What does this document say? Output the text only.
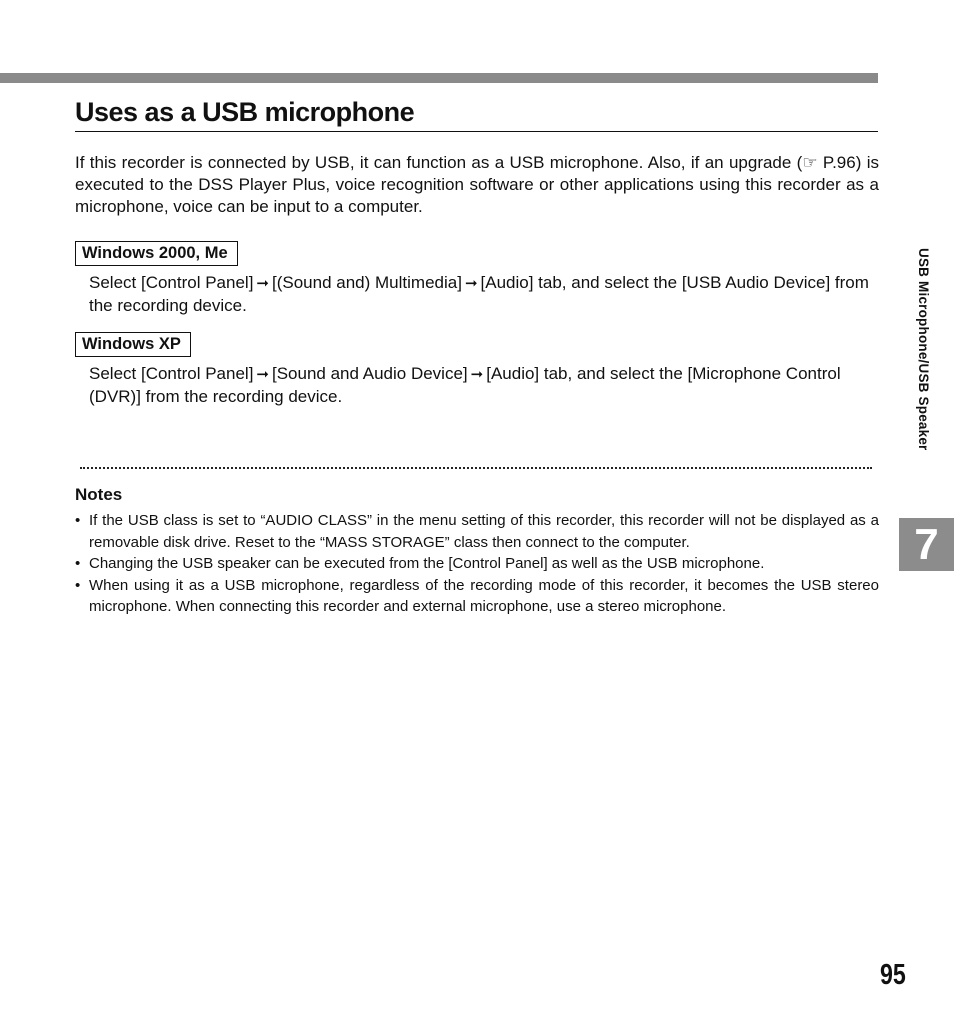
Uses as a USB microphone

If this recorder is connected by USB, it can function as a USB microphone. Also, if an upgrade (☞ P.96) is executed to the DSS Player Plus, voice recognition software or other applications using this recorder as a microphone, voice can be input to a computer.

Windows 2000, Me

Select [Control Panel] ➞ [(Sound and) Multimedia] ➞ [Audio] tab, and select the [USB Audio Device] from the recording device.

Windows XP

Select [Control Panel] ➞ [Sound and Audio Device] ➞ [Audio] tab, and select the [Microphone Control (DVR)] from the recording device.

Notes
• If the USB class is set to “AUDIO CLASS” in the menu setting of this recorder, this recorder will not be displayed as a removable disk drive. Reset to the “MASS STORAGE” class then connect to the computer.
• Changing the USB speaker can be executed from the [Control Panel] as well as the USB microphone.
• When using it as a USB microphone, regardless of the recording mode of this recorder, it becomes the USB stereo microphone. When connecting this recorder and external microphone, use a stereo microphone.
USB Microphone/USB Speaker
7
95
